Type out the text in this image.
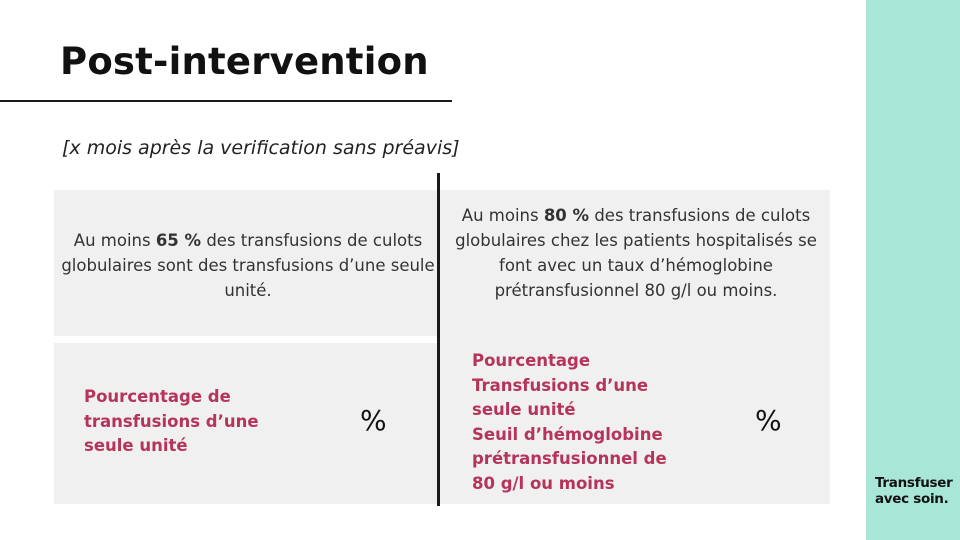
Post-intervention
[x mois après la verification sans préavis]
Au moins 65 % des transfusions de culots globulaires sont des transfusions d’une seule unité.
Au moins 80 % des transfusions de culots globulaires chez les patients hospitalisés se font avec un taux d’hémoglobine prétransfusionnel 80 g/l ou moins.
Pourcentage de transfusions d’une seule unité
%
Pourcentage
Transfusions d’une
seule unité
Seuil d’hémoglobine
prétransfusionnel de
80 g/l ou moins
%
Transfuser
avec soin.
